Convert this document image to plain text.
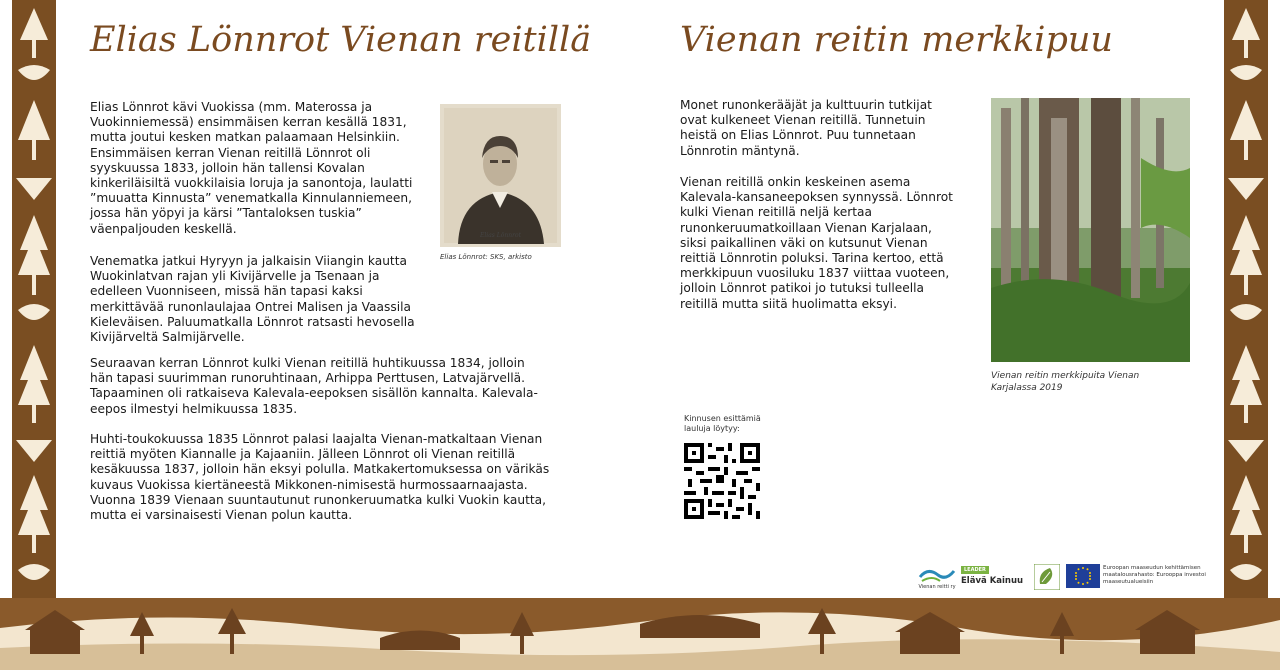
Elias Lönnrot Vienan reitillä

Elias Lönnrot kävi Vuokissa (mm. Materossa ja Vuokinniemessä) ensimmäisen kerran kesällä 1831, mutta joutui kesken matkan palaamaan Helsinkiin. Ensimmäisen kerran Vienan reitillä Lönnrot oli syyskuussa 1833, jolloin hän tallensi Kovalan kinkeriläisiltä vuokkilaisia loruja ja sanontoja, laulatti ”muuatta Kinnusta” venematkalla Kinnulanniemeen, jossa hän yöpyi ja kärsi ”Tantaloksen tuskia” väenpaljouden keskellä.

Venematka jatkui Hyryyn ja jalkaisin Viiangin kautta Wuokinlatvan rajan yli Kivijärvelle ja Tsenaan ja edelleen Vuonniseen, missä hän tapasi kaksi merkittävää runonlaulajaa Ontrei Malisen ja Vaassila Kieleväisen. Paluumatkalla Lönnrot ratsasti hevosella Kivijärveltä Salmijärvelle.

Seuraavan kerran Lönnrot kulki Vienan reitillä huhtikuussa 1834, jolloin hän tapasi suurimman runoruhtinaan, Arhippa Perttusen, Latvajärvellä. Tapaaminen oli ratkaiseva Kalevala-eepoksen sisällön kannalta. Kalevala-eepos ilmestyi helmikuussa 1835.

Huhti-toukokuussa 1835 Lönnrot palasi laajalta Vienan-matkaltaan Vienan reittiä myöten Kiannalle ja Kajaaniin. Jälleen Lönnrot oli Vienan reitillä kesäkuussa 1837, jolloin hän eksyi polulla. Matkakertomuksessa on värikäs kuvaus Vuokissa kiertäneestä Mikkonen-nimisestä hurmossaarnaajasta. Vuonna 1839 Vienaan suuntautunut runonkeruumatka kulki Vuokin kautta, mutta ei varsinaisesti Vienan polun kautta.

Elias Lönnrot

Elias Lönnrot: SKS, arkisto

Vienan reitin merkkipuu

Monet runonkerääjät ja kulttuurin tutkijat ovat kulkeneet Vienan reitillä. Tunnetuin heistä on Elias Lönnrot. Puu tunnetaan Lönnrotin mäntynä.

Vienan reitillä onkin keskeinen asema Kalevala-kansaneepoksen synnyssä. Lönnrot kulki Vienan reitillä neljä kertaa runonkeruumatkoillaan Vienan Karjalaan, siksi paikallinen väki on kutsunut Vienan reittiä Lönnrotin poluksi. Tarina kertoo, että merkkipuun vuosiluku 1837 viittaa vuoteen, jolloin Lönnrot patikoi jo tutuksi tulleella reitillä mutta siitä huolimatta eksyi.

Vienan reitin merkkipuita Vienan Karjalassa 2019

Kinnusen esittämiä lauluja löytyy:

Vienan reitti ry
LEADER
Elävä Kainuu

Euroopan maaseudun kehittämisen maatalousrahasto: Eurooppa investoi maaseutualueisiin
